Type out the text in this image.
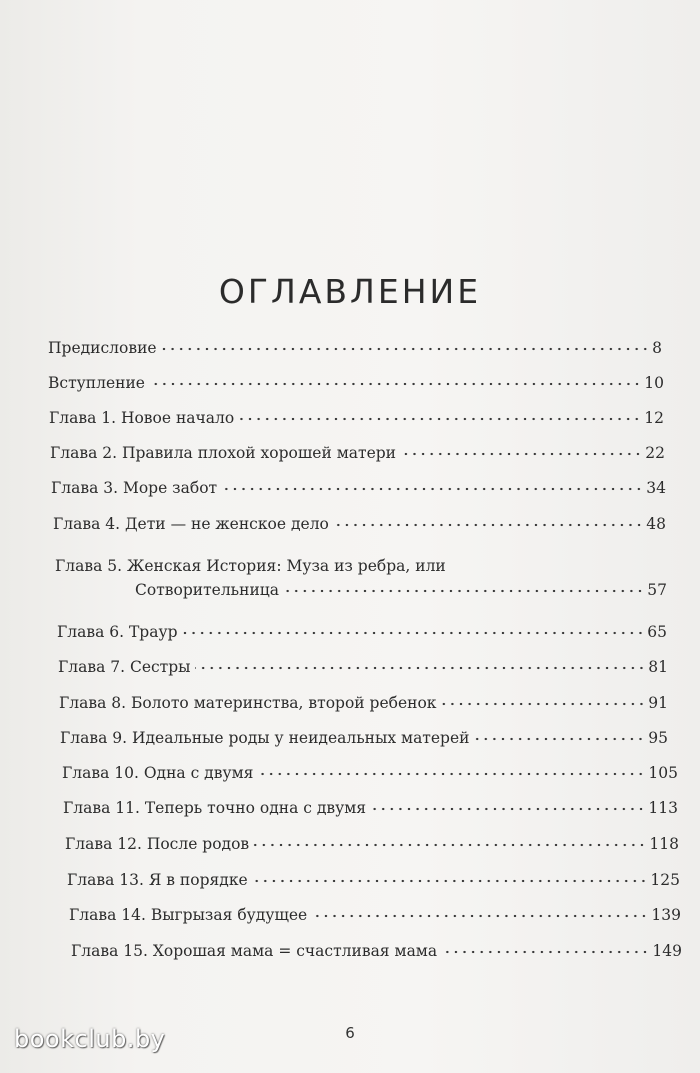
ОГЛАВЛЕНИЕ
Предисловие	8
Вступление	10
Глава 1. Новое начало	12
Глава 2. Правила плохой хорошей матери	22
Глава 3. Море забот	34
Глава 4. Дети — не женское дело	48
Глава 5. Женская История: Муза из ребра, или
Сотворительница	57
Глава 6. Траур	65
Глава 7. Сестры	81
Глава 8. Болото материнства, второй ребенок	91
Глава 9. Идеальные роды у неидеальных матерей	95
Глава 10. Одна с двумя	105
Глава 11. Теперь точно одна с двумя	113
Глава 12. После родов	118
Глава 13. Я в порядке	125
Глава 14. Выгрызая будущее	139
Глава 15. Хорошая мама = счастливая мама	149
6
bookclub.by
